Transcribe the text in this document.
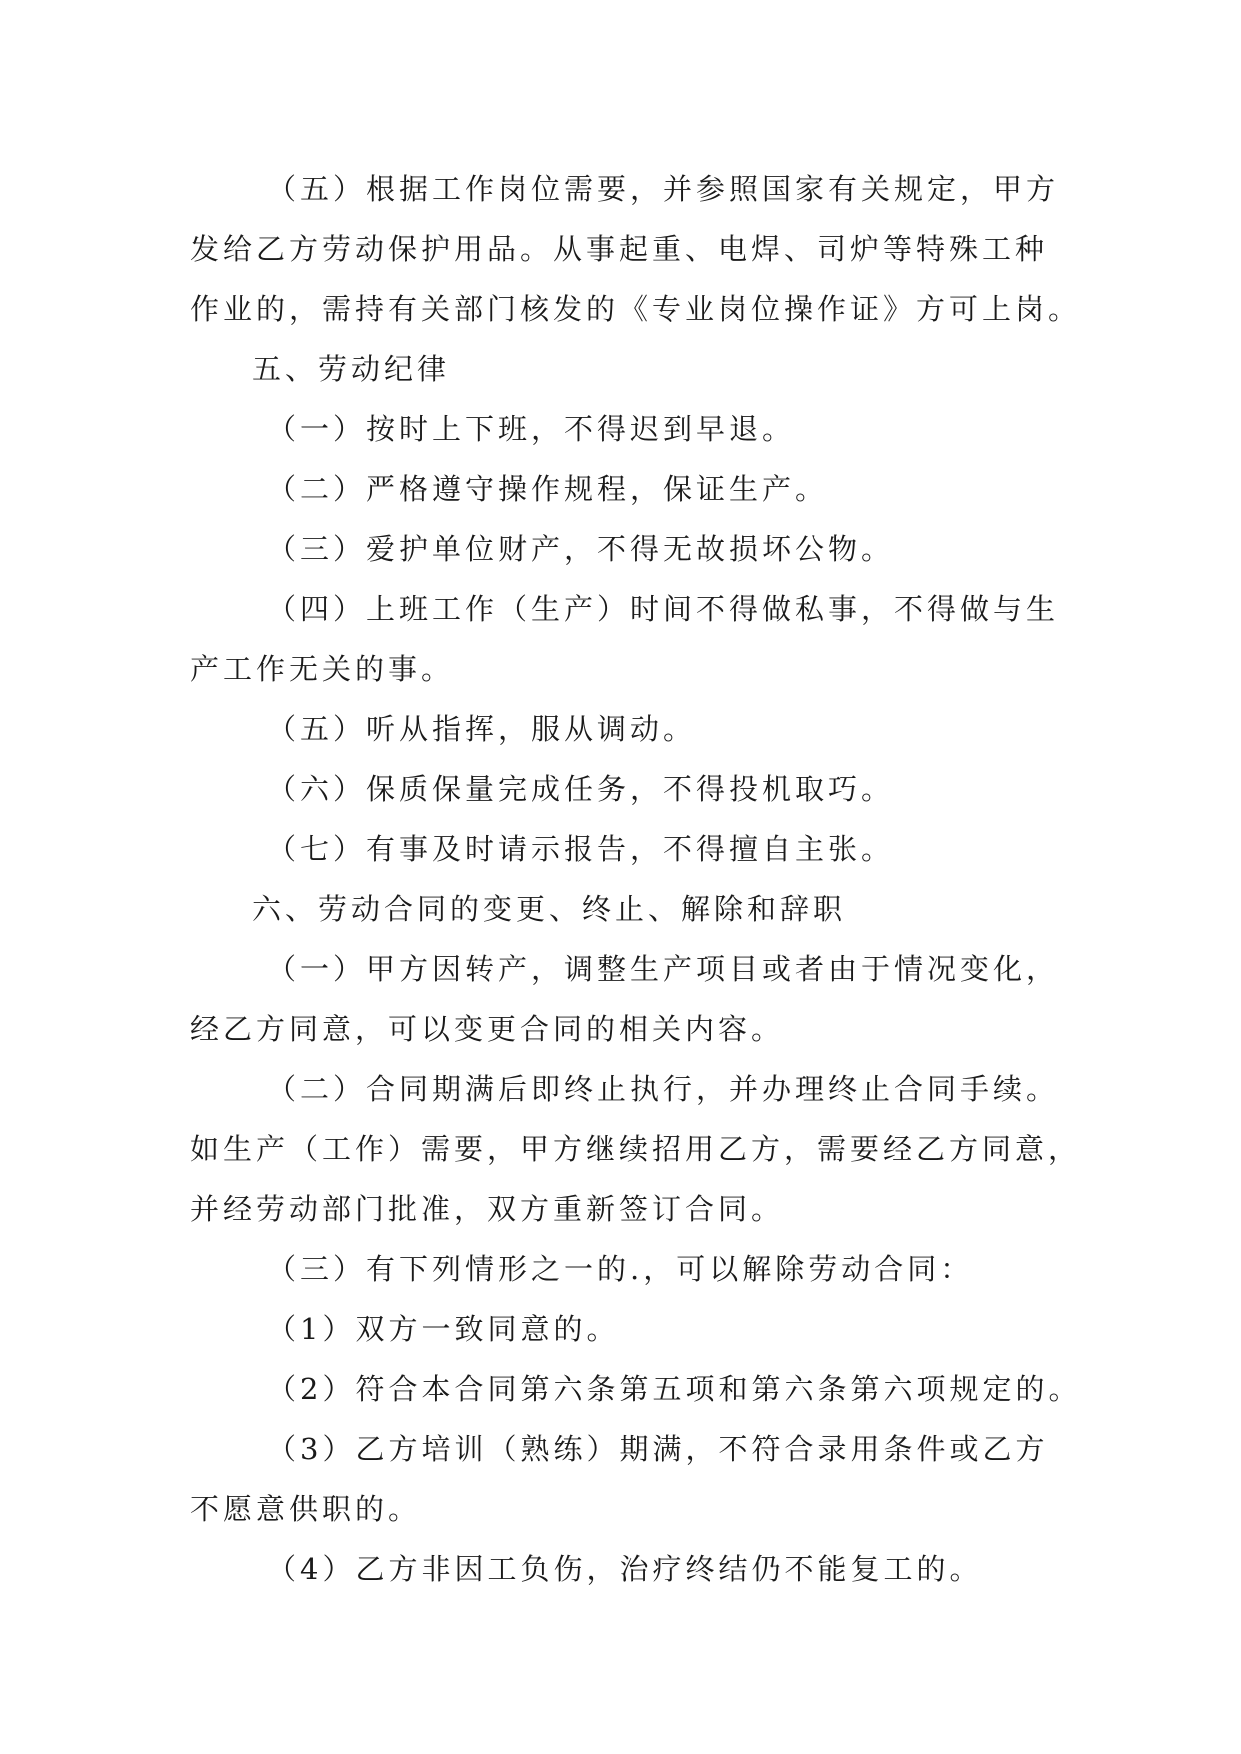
（五）根据工作岗位需要，并参照国家有关规定，甲方
发给乙方劳动保护用品。从事起重、电焊、司炉等特殊工种
作业的，需持有关部门核发的《专业岗位操作证》方可上岗。
五、劳动纪律
（一）按时上下班，不得迟到早退。
（二）严格遵守操作规程，保证生产。
（三）爱护单位财产，不得无故损坏公物。
（四）上班工作（生产）时间不得做私事，不得做与生
产工作无关的事。
（五）听从指挥，服从调动。
（六）保质保量完成任务，不得投机取巧。
（七）有事及时请示报告，不得擅自主张。
六、劳动合同的变更、终止、解除和辞职
（一）甲方因转产，调整生产项目或者由于情况变化，
经乙方同意，可以变更合同的相关内容。
（二）合同期满后即终止执行，并办理终止合同手续。
如生产（工作）需要，甲方继续招用乙方，需要经乙方同意，
并经劳动部门批准，双方重新签订合同。
（三）有下列情形之一的.，可以解除劳动合同：
（1）双方一致同意的。
（2）符合本合同第六条第五项和第六条第六项规定的。
（3）乙方培训（熟练）期满，不符合录用条件或乙方
不愿意供职的。
（4）乙方非因工负伤，治疗终结仍不能复工的。
